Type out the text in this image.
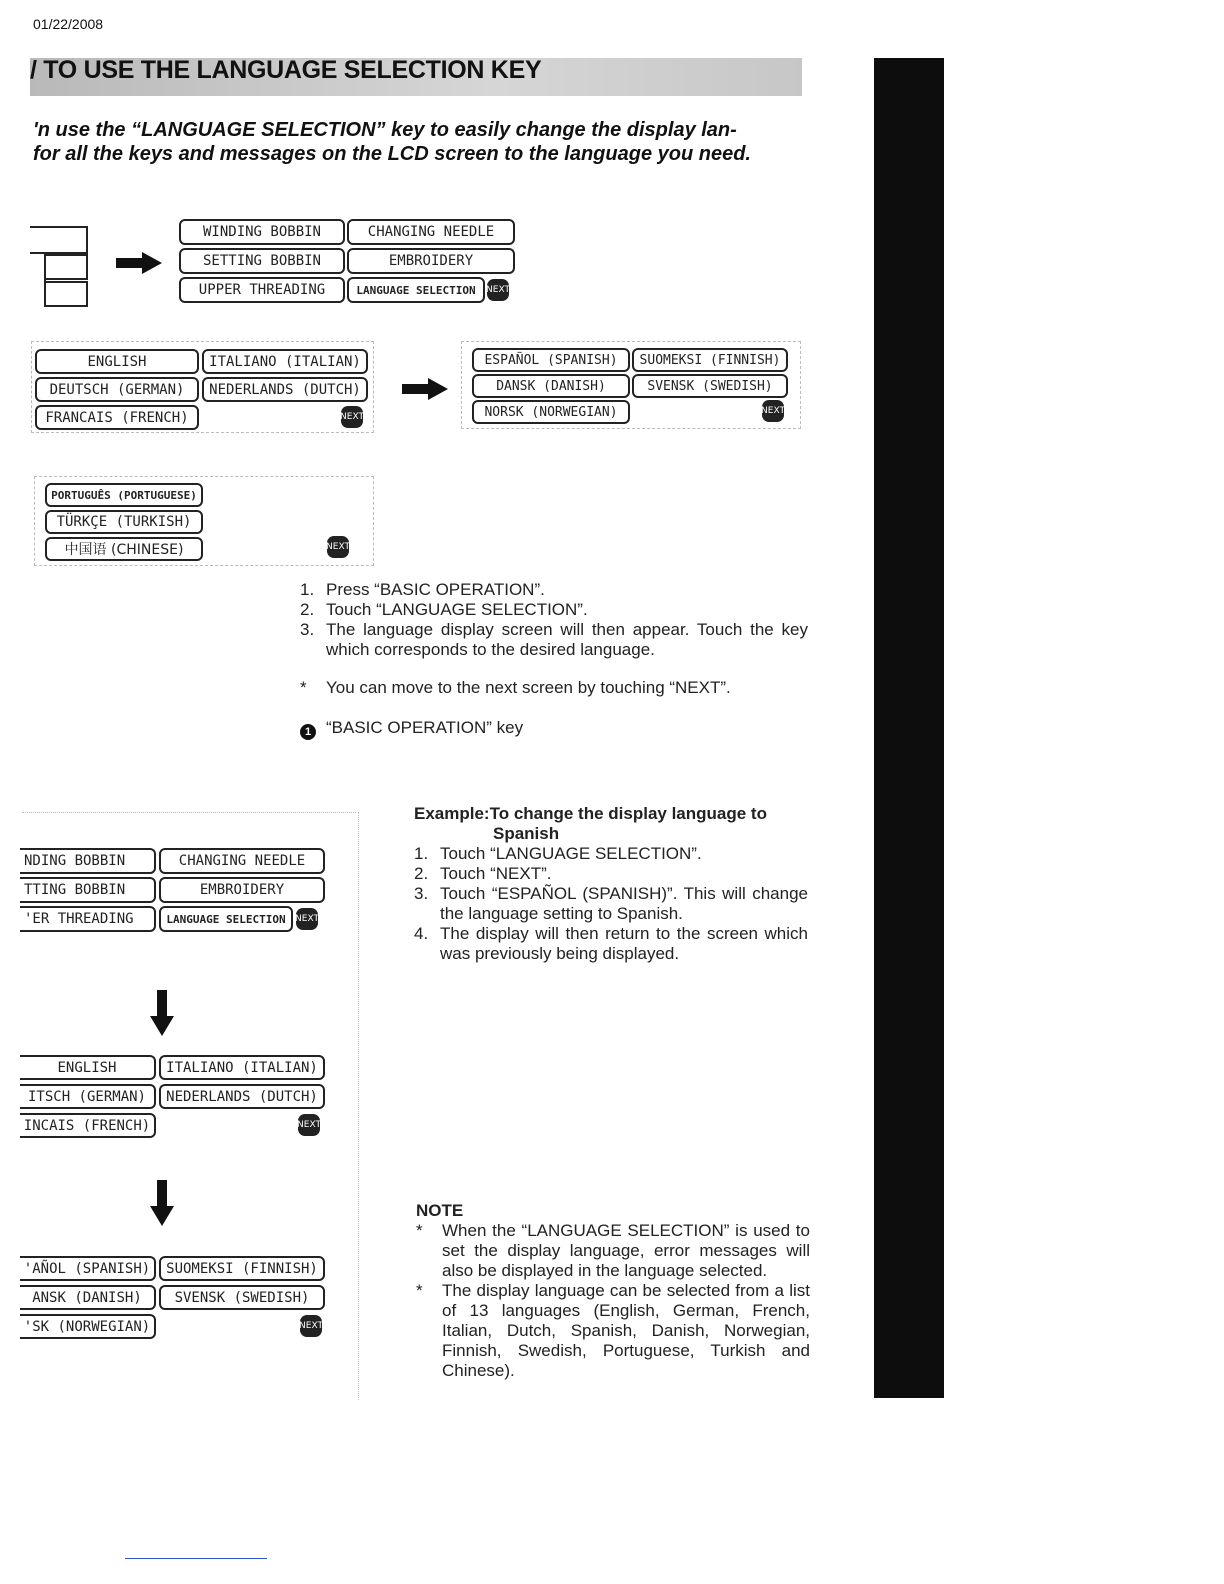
01/22/2008
/ TO USE THE LANGUAGE SELECTION KEY
'n use the “LANGUAGE SELECTION” key to easily change the display lan-
for all the keys and messages on the LCD screen to the language you need.
WINDING BOBBIN	CHANGING NEEDLE
SETTING BOBBIN	EMBROIDERY
UPPER THREADING	LANGUAGE SELECTION	NEXT
ENGLISH	ITALIANO (ITALIAN)
DEUTSCH (GERMAN)	NEDERLANDS (DUTCH)
FRANCAIS (FRENCH)	NEXT
ESPAÑOL (SPANISH)	SUOMEKSI (FINNISH)
DANSK (DANISH)	SVENSK (SWEDISH)
NORSK (NORWEGIAN)	NEXT
PORTUGUÊS (PORTUGUESE)
TÜRKÇE (TURKISH)
中国语 (CHINESE)	NEXT
1. Press “BASIC OPERATION”.
2. Touch “LANGUAGE SELECTION”.
3. The language display screen will then appear. Touch the key which corresponds to the desired language.
* You can move to the next screen by touching “NEXT”.
1 “BASIC OPERATION” key
NDING BOBBIN	CHANGING NEEDLE
TTING BOBBIN	EMBROIDERY
'ER THREADING	LANGUAGE SELECTION	NEXT
ENGLISH	ITALIANO (ITALIAN)
ITSCH (GERMAN)	NEDERLANDS (DUTCH)
INCAIS (FRENCH)	NEXT
'AÑOL (SPANISH)	SUOMEKSI (FINNISH)
ANSK (DANISH)	SVENSK (SWEDISH)
'SK (NORWEGIAN)	NEXT
Example:To change the display language to
Spanish
1. Touch “LANGUAGE SELECTION”.
2. Touch “NEXT”.
3. Touch “ESPAÑOL (SPANISH)”. This will change the language setting to Spanish.
4. The display will then return to the screen which was previously being displayed.
NOTE
* When the “LANGUAGE SELECTION” is used to set the display language, error messages will also be displayed in the language selected.
* The display language can be selected from a list of 13 languages (English, German, French, Italian, Dutch, Spanish, Danish, Norwegian, Finnish, Swedish, Portuguese, Turkish and Chinese).
